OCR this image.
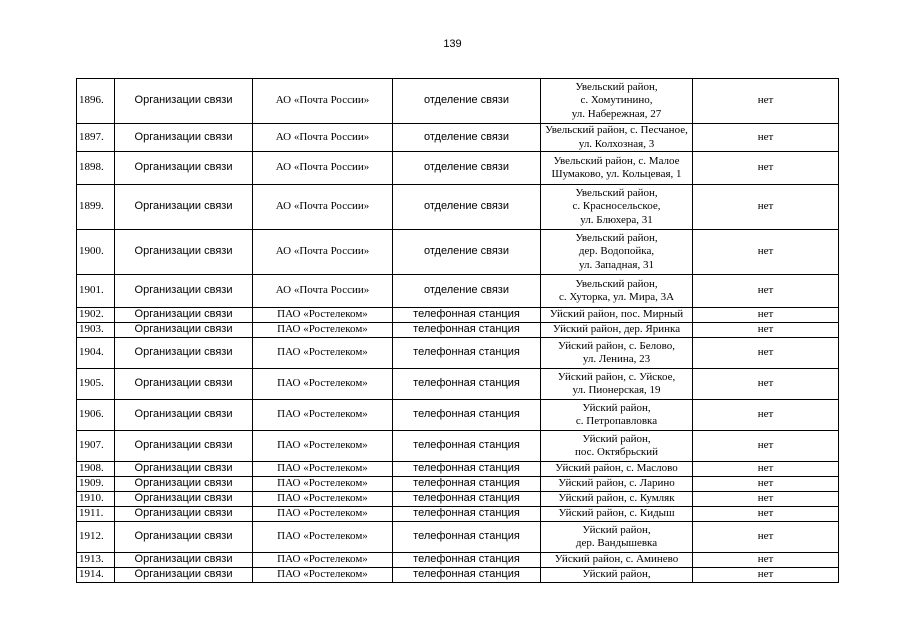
139
1896.	Организации связи	АО «Почта России»	отделение связи	Увельский район,
с. Хомутинино,
ул. Набережная, 27	нет
1897.	Организации связи	АО «Почта России»	отделение связи	Увельский район, с. Песчаное,
ул. Колхозная, 3	нет
1898.	Организации связи	АО «Почта России»	отделение связи	Увельский район, с. Малое
Шумаково, ул. Кольцевая, 1	нет
1899.	Организации связи	АО «Почта России»	отделение связи	Увельский район,
с. Красносельское,
ул. Блюхера, 31	нет
1900.	Организации связи	АО «Почта России»	отделение связи	Увельский район,
дер. Водопойка,
ул. Западная, 31	нет
1901.	Организации связи	АО «Почта России»	отделение связи	Увельский район,
с. Хуторка, ул. Мира, 3А	нет
1902.	Организации связи	ПАО «Ростелеком»	телефонная станция	Уйский район, пос. Мирный	нет
1903.	Организации связи	ПАО «Ростелеком»	телефонная станция	Уйский район, дер. Яринка	нет
1904.	Организации связи	ПАО «Ростелеком»	телефонная станция	Уйский район, с. Белово,
ул. Ленина, 23	нет
1905.	Организации связи	ПАО «Ростелеком»	телефонная станция	Уйский район, с. Уйское,
ул. Пионерская, 19	нет
1906.	Организации связи	ПАО «Ростелеком»	телефонная станция	Уйский район,
с. Петропавловка	нет
1907.	Организации связи	ПАО «Ростелеком»	телефонная станция	Уйский район,
пос. Октябрьский	нет
1908.	Организации связи	ПАО «Ростелеком»	телефонная станция	Уйский район, с. Маслово	нет
1909.	Организации связи	ПАО «Ростелеком»	телефонная станция	Уйский район, с. Ларино	нет
1910.	Организации связи	ПАО «Ростелеком»	телефонная станция	Уйский район, с. Кумляк	нет
1911.	Организации связи	ПАО «Ростелеком»	телефонная станция	Уйский район, с. Кидыш	нет
1912.	Организации связи	ПАО «Ростелеком»	телефонная станция	Уйский район,
дер. Вандышевка	нет
1913.	Организации связи	ПАО «Ростелеком»	телефонная станция	Уйский район, с. Аминево	нет
1914.	Организации связи	ПАО «Ростелеком»	телефонная станция	Уйский район,	нет
